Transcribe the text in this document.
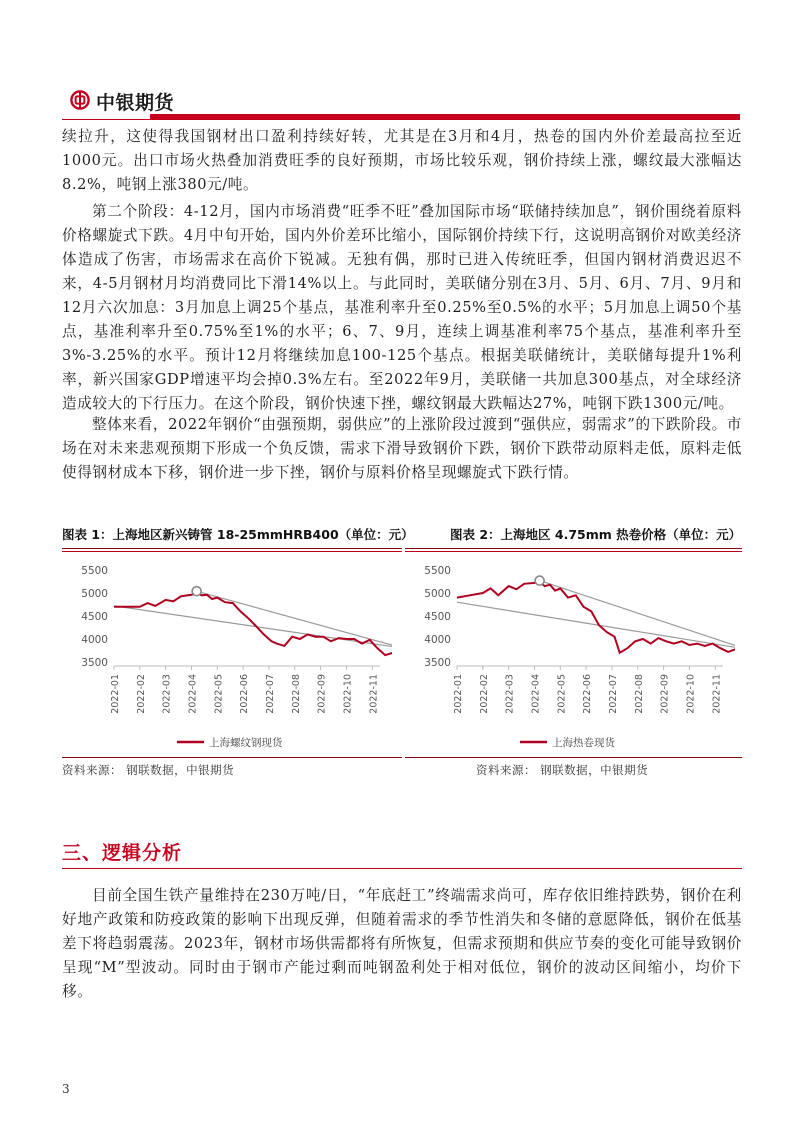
中银期货

续拉升，这使得我国钢材出口盈利持续好转，尤其是在3月和4月，热卷的国内外价差最高拉至近1000元。出口市场火热叠加消费旺季的良好预期，市场比较乐观，钢价持续上涨，螺纹最大涨幅达8.2%，吨钢上涨380元/吨。

第二个阶段：4-12月，国内市场消费“旺季不旺”叠加国际市场“联储持续加息”，钢价围绕着原料价格螺旋式下跌。4月中旬开始，国内外价差环比缩小，国际钢价持续下行，这说明高钢价对欧美经济体造成了伤害，市场需求在高价下锐减。无独有偶，那时已进入传统旺季，但国内钢材消费迟迟不来，4-5月钢材月均消费同比下滑14%以上。与此同时，美联储分别在3月、5月、6月、7月、9月和12月六次加息：3月加息上调25个基点，基准利率升至0.25%至0.5%的水平；5月加息上调50个基点，基准利率升至0.75%至1%的水平；6、7、9月，连续上调基准利率75个基点，基准利率升至3%-3.25%的水平。预计12月将继续加息100-125个基点。根据美联储统计，美联储每提升1%利率，新兴国家GDP增速平均会掉0.3%左右。至2022年9月，美联储一共加息300基点，对全球经济造成较大的下行压力。在这个阶段，钢价快速下挫，螺纹钢最大跌幅达27%，吨钢下跌1300元/吨。

整体来看，2022年钢价“由强预期，弱供应”的上涨阶段过渡到“强供应，弱需求”的下跌阶段。市场在对未来悲观预期下形成一个负反馈，需求下滑导致钢价下跌，钢价下跌带动原料走低，原料走低使得钢材成本下移，钢价进一步下挫，钢价与原料价格呈现螺旋式下跌行情。

图表 1：上海地区新兴铸管 18-25mmHRB400（单位：元）
3500
4000
4500
5000
5500
2022-01 2022-02 2022-03 2022-04 2022-05 2022-06 2022-07 2022-08 2022-09 2022-10 2022-11
上海螺纹钢现货
资料来源： 钢联数据，中银期货
图表 2：上海地区 4.75mm 热卷价格（单位：元）
3500
4000
4500
5000
5500
2022-01 2022-02 2022-03 2022-04 2022-05 2022-06 2022-07 2022-08 2022-09 2022-10 2022-11
上海热卷现货
资料来源： 钢联数据，中银期货
三、逻辑分析

目前全国生铁产量维持在230万吨/日，“年底赶工”终端需求尚可，库存依旧维持跌势，钢价在利好地产政策和防疫政策的影响下出现反弹，但随着需求的季节性消失和冬储的意愿降低，钢价在低基差下将趋弱震荡。2023年，钢材市场供需都将有所恢复，但需求预期和供应节奏的变化可能导致钢价呈现“M”型波动。同时由于钢市产能过剩而吨钢盈利处于相对低位，钢价的波动区间缩小，均价下移。

3
